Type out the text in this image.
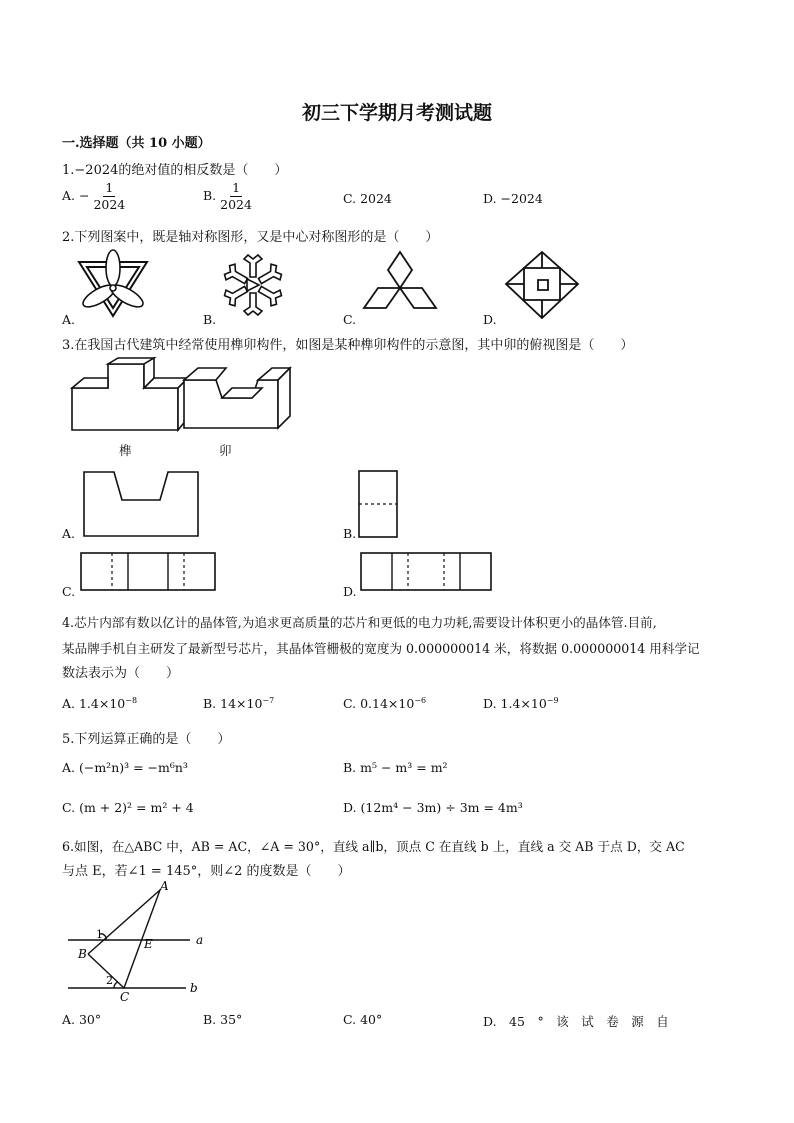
初三下学期月考测试题
一.选择题（共 10 小题）
1.−2024的绝对值的相反数是（　　）
A. − $\frac{1}{2024}$	B. $\frac{1}{2024}$	C. 2024	D. −2024
2.下列图案中，既是轴对称图形，又是中心对称图形的是（　　）
A.	B.	C.	D.
3.在我国古代建筑中经常使用榫卯构件，如图是某种榫卯构件的示意图，其中卯的俯视图是（　　）
榫	卯
A.	B.
C.	D.
4.芯片内部有数以亿计的晶体管,为追求更高质量的芯片和更低的电力功耗,需要设计体积更小的晶体管.目前,
某品牌手机自主研发了最新型号芯片，其晶体管栅极的宽度为 0.000000014 米，将数据 0.000000014 用科学记
数法表示为（　　）
A. $1.4\times 10^{-8}$	B. $14\times 10^{-7}$	C. $0.14\times 10^{-6}$	D. $1.4\times 10^{-9}$
5.下列运算正确的是（　　）
A. (−m²n)³ = −m⁶n³	B. m⁵ − m³ = m²
C. (m + 2)² = m² + 4	D. (12m⁴ − 3m) ÷ 3m = 4m³
6.如图，在△ABC 中，AB = AC，∠A = 30°，直线 a∥b，顶点 C 在直线 b 上，直线 a 交 AB 于点 D，交 AC
与点 E，若∠1 = 145°，则∠2 的度数是（　　）
A
B
C
E	a
b
1
2
A. 30°	B. 35°	C. 40°	D.　45　°　该　试　卷　源　自
